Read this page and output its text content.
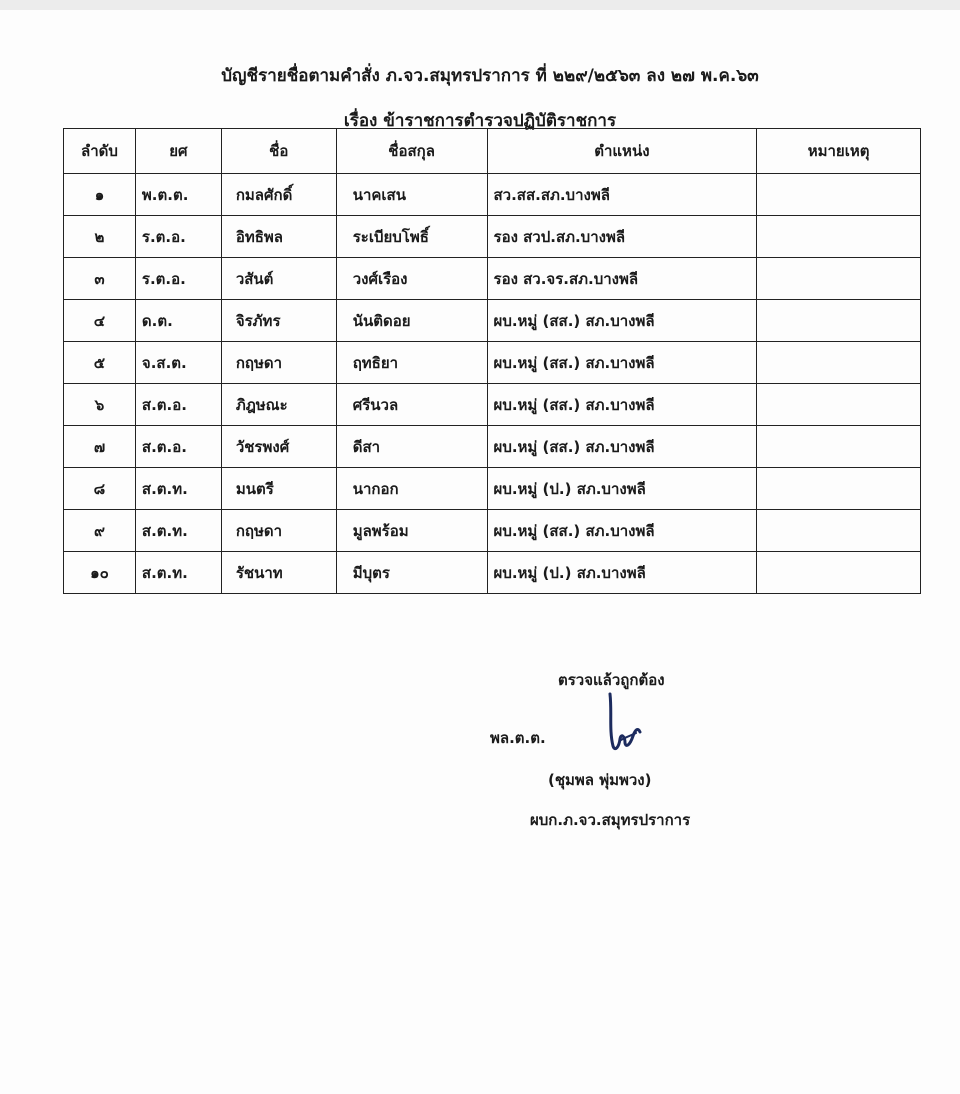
บัญชีรายชื่อตามคำสั่ง ภ.จว.สมุทรปราการ ที่ ๒๒๙/๒๕๖๓ ลง ๒๗ พ.ค.๖๓
เรื่อง ข้าราชการตำรวจปฏิบัติราชการ
ลำดับ	ยศ	ชื่อ	ชื่อสกุล	ตำแหน่ง	หมายเหตุ
๑	พ.ต.ต.	กมลศักดิ์	นาคเสน	สว.สส.สภ.บางพลี	
๒	ร.ต.อ.	อิทธิพล	ระเบียบโพธิ์	รอง สวป.สภ.บางพลี	
๓	ร.ต.อ.	วสันต์	วงศ์เรือง	รอง สว.จร.สภ.บางพลี	
๔	ด.ต.	จิรภัทร	นันติดอย	ผบ.หมู่ (สส.) สภ.บางพลี	
๕	จ.ส.ต.	กฤษดา	ฤทธิยา	ผบ.หมู่ (สส.) สภ.บางพลี	
๖	ส.ต.อ.	ภิฎษณะ	ศรีนวล	ผบ.หมู่ (สส.) สภ.บางพลี	
๗	ส.ต.อ.	วัชรพงศ์	ดีสา	ผบ.หมู่ (สส.) สภ.บางพลี	
๘	ส.ต.ท.	มนตรี	นากอก	ผบ.หมู่ (ป.) สภ.บางพลี	
๙	ส.ต.ท.	กฤษดา	มูลพร้อม	ผบ.หมู่ (สส.) สภ.บางพลี	
๑๐	ส.ต.ท.	รัชนาท	มีบุตร	ผบ.หมู่ (ป.) สภ.บางพลี	
ตรวจแล้วถูกต้อง
พล.ต.ต.
(ชุมพล พุ่มพวง)
ผบก.ภ.จว.สมุทรปราการ
